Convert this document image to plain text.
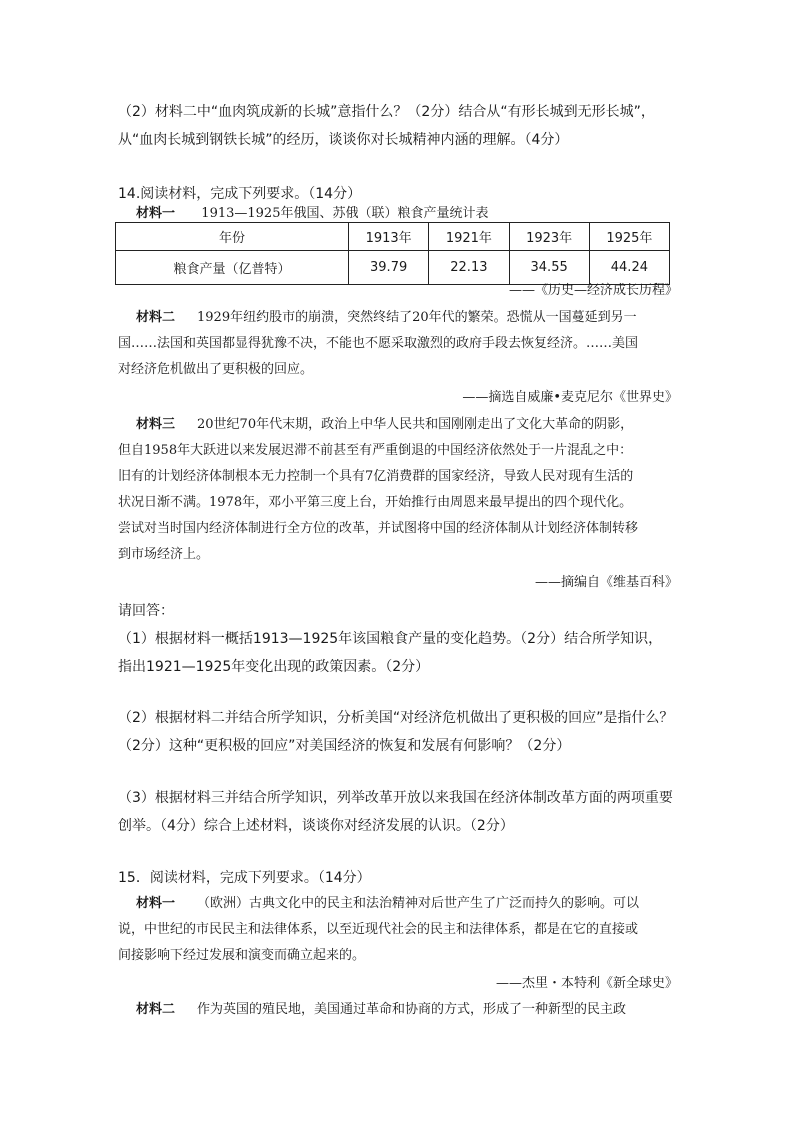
（2）材料二中“血肉筑成新的长城”意指什么？（2分）结合从“有形长城到无形长城”，
从“血肉长城到钢铁长城”的经历，谈谈你对长城精神内涵的理解。（4分）
14.阅读材料，完成下列要求。（14分）
材料一 1913—1925年俄国、苏俄（联）粮食产量统计表
年份	1913年	1921年	1923年	1925年
粮食产量（亿普特）	39.79	22.13	34.55	44.24
——《历史—经济成长历程》
材料二 1929年纽约股市的崩溃，突然终结了20年代的繁荣。恐慌从一国蔓延到另一
国……法国和英国都显得犹豫不决，不能也不愿采取激烈的政府手段去恢复经济。……美国
对经济危机做出了更积极的回应。
——摘选自威廉•麦克尼尔《世界史》
材料三 20世纪70年代末期，政治上中华人民共和国刚刚走出了文化大革命的阴影，
但自1958年大跃进以来发展迟滞不前甚至有严重倒退的中国经济依然处于一片混乱之中：
旧有的计划经济体制根本无力控制一个具有7亿消费群的国家经济，导致人民对现有生活的
状况日渐不满。1978年，邓小平第三度上台，开始推行由周恩来最早提出的四个现代化。
尝试对当时国内经济体制进行全方位的改革，并试图将中国的经济体制从计划经济体制转移
到市场经济上。
——摘编自《维基百科》
请回答：
（1）根据材料一概括1913—1925年该国粮食产量的变化趋势。（2分）结合所学知识，
指出1921—1925年变化出现的政策因素。（2分）
（2）根据材料二并结合所学知识，分析美国“对经济危机做出了更积极的回应”是指什么？
（2分）这种“更积极的回应”对美国经济的恢复和发展有何影响？（2分）
（3）根据材料三并结合所学知识，列举改革开放以来我国在经济体制改革方面的两项重要
创举。（4分）综合上述材料，谈谈你对经济发展的认识。（2分）
15．阅读材料，完成下列要求。（14分）
材料一 （欧洲）古典文化中的民主和法治精神对后世产生了广泛而持久的影响。可以
说，中世纪的市民民主和法律体系，以至近现代社会的民主和法律体系，都是在它的直接或
间接影响下经过发展和演变而确立起来的。
——杰里・本特利《新全球史》
材料二 作为英国的殖民地，美国通过革命和协商的方式，形成了一种新型的民主政
